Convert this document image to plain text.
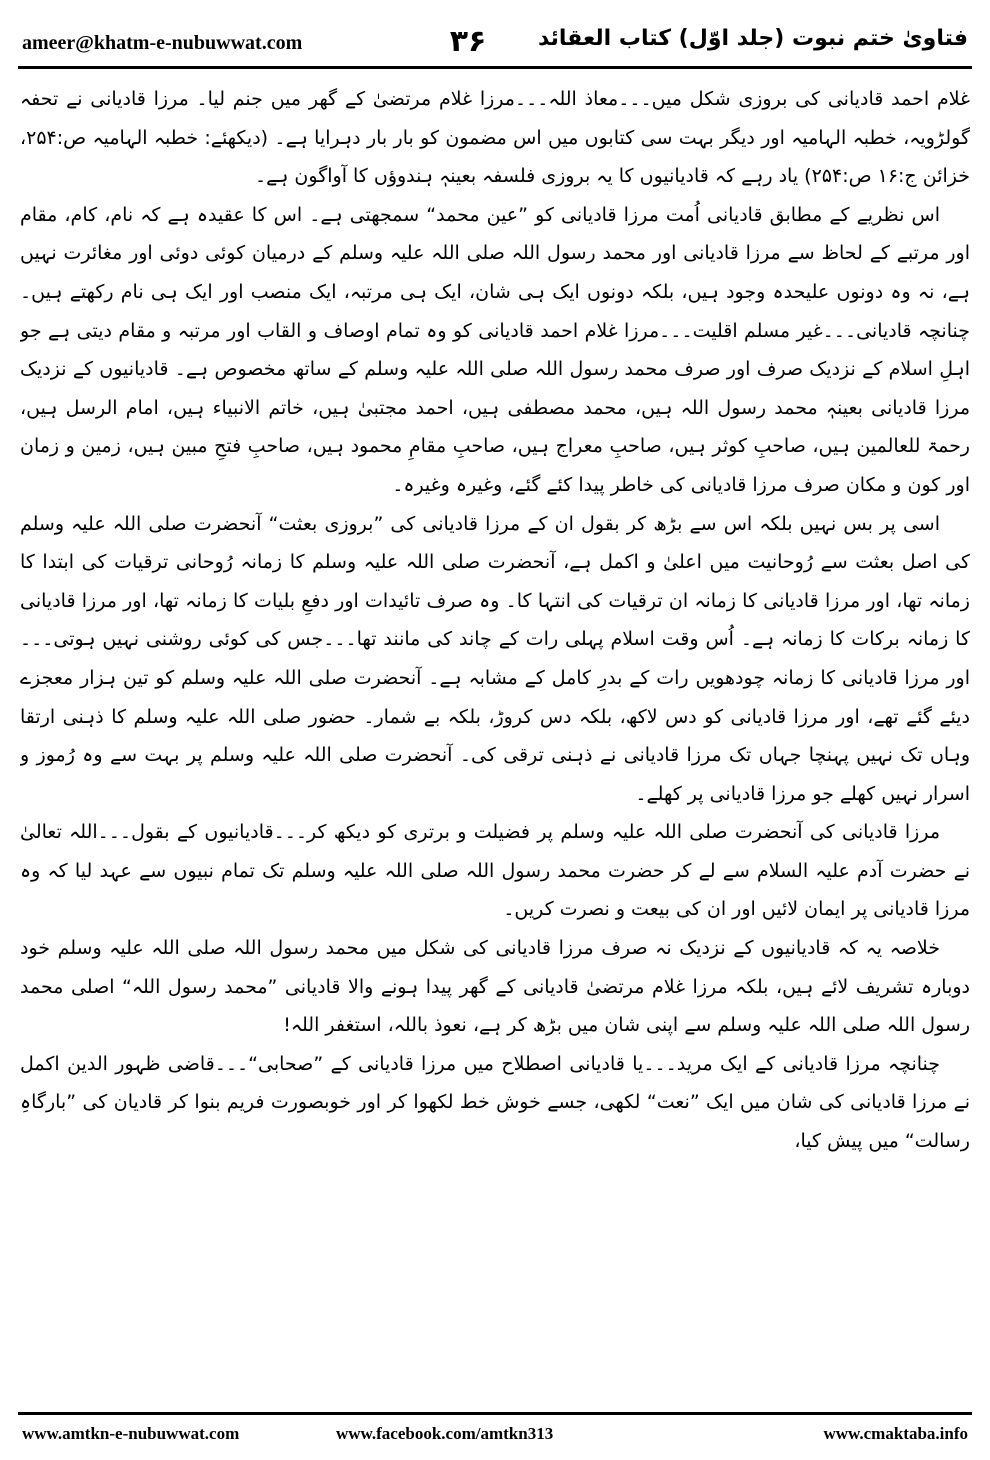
ameer@khatm-e-nubuwwat.com	۳۶	فتاویٰ ختم نبوت (جلد اوّل) کتاب العقائد

غلام احمد قادیانی کی بروزی شکل میں۔۔۔معاذ اللہ۔۔۔مرزا غلام مرتضیٰ کے گھر میں جنم لیا۔ مرزا قادیانی نے تحفہ گولڑویہ، خطبہ الہامیہ اور دیگر بہت سی کتابوں میں اس مضمون کو بار بار دہرایا ہے۔ (دیکھئے: خطبہ الہامیہ ص:۲۵۴، خزائن ج:۱۶ ص:۲۵۴) یاد رہے کہ قادیانیوں کا یہ بروزی فلسفہ بعینہٖ ہندوؤں کا آواگون ہے۔

اس نظریے کے مطابق قادیانی اُمت مرزا قادیانی کو ”عین محمد“ سمجھتی ہے۔ اس کا عقیدہ ہے کہ نام، کام، مقام اور مرتبے کے لحاظ سے مرزا قادیانی اور محمد رسول اللہ صلی اللہ علیہ وسلم کے درمیان کوئی دوئی اور مغائرت نہیں ہے، نہ وہ دونوں علیحدہ وجود ہیں، بلکہ دونوں ایک ہی شان، ایک ہی مرتبہ، ایک منصب اور ایک ہی نام رکھتے ہیں۔ چنانچہ قادیانی۔۔۔غیر مسلم اقلیت۔۔۔مرزا غلام احمد قادیانی کو وہ تمام اوصاف و القاب اور مرتبہ و مقام دیتی ہے جو اہلِ اسلام کے نزدیک صرف اور صرف محمد رسول اللہ صلی اللہ علیہ وسلم کے ساتھ مخصوص ہے۔ قادیانیوں کے نزدیک مرزا قادیانی بعینہٖ محمد رسول اللہ ہیں، محمد مصطفی ہیں، احمد مجتبیٰ ہیں، خاتم الانبیاء ہیں، امام الرسل ہیں، رحمۃ للعالمین ہیں، صاحبِ کوثر ہیں، صاحبِ معراج ہیں، صاحبِ مقامِ محمود ہیں، صاحبِ فتحِ مبین ہیں، زمین و زمان اور کون و مکان صرف مرزا قادیانی کی خاطر پیدا کئے گئے، وغیرہ وغیرہ۔

اسی پر بس نہیں بلکہ اس سے بڑھ کر بقول ان کے مرزا قادیانی کی ”بروزی بعثت“ آنحضرت صلی اللہ علیہ وسلم کی اصل بعثت سے رُوحانیت میں اعلیٰ و اکمل ہے، آنحضرت صلی اللہ علیہ وسلم کا زمانہ رُوحانی ترقیات کی ابتدا کا زمانہ تھا، اور مرزا قادیانی کا زمانہ ان ترقیات کی انتہا کا۔ وہ صرف تائیدات اور دفعِ بلیات کا زمانہ تھا، اور مرزا قادیانی کا زمانہ برکات کا زمانہ ہے۔ اُس وقت اسلام پہلی رات کے چاند کی مانند تھا۔۔۔جس کی کوئی روشنی نہیں ہوتی۔۔۔اور مرزا قادیانی کا زمانہ چودھویں رات کے بدرِ کامل کے مشابہ ہے۔ آنحضرت صلی اللہ علیہ وسلم کو تین ہزار معجزے دیئے گئے تھے، اور مرزا قادیانی کو دس لاکھ، بلکہ دس کروڑ، بلکہ بے شمار۔ حضور صلی اللہ علیہ وسلم کا ذہنی ارتقا وہاں تک نہیں پہنچا جہاں تک مرزا قادیانی نے ذہنی ترقی کی۔ آنحضرت صلی اللہ علیہ وسلم پر بہت سے وہ رُموز و اسرار نہیں کھلے جو مرزا قادیانی پر کھلے۔

مرزا قادیانی کی آنحضرت صلی اللہ علیہ وسلم پر فضیلت و برتری کو دیکھ کر۔۔۔قادیانیوں کے بقول۔۔۔اللہ تعالیٰ نے حضرت آدم علیہ السلام سے لے کر حضرت محمد رسول اللہ صلی اللہ علیہ وسلم تک تمام نبیوں سے عہد لیا کہ وہ مرزا قادیانی پر ایمان لائیں اور ان کی بیعت و نصرت کریں۔

خلاصہ یہ کہ قادیانیوں کے نزدیک نہ صرف مرزا قادیانی کی شکل میں محمد رسول اللہ صلی اللہ علیہ وسلم خود دوبارہ تشریف لائے ہیں، بلکہ مرزا غلام مرتضیٰ قادیانی کے گھر پیدا ہونے والا قادیانی ”محمد رسول اللہ“ اصلی محمد رسول اللہ صلی اللہ علیہ وسلم سے اپنی شان میں بڑھ کر ہے، نعوذ باللہ، استغفر اللہ!

چنانچہ مرزا قادیانی کے ایک مرید۔۔۔یا قادیانی اصطلاح میں مرزا قادیانی کے ”صحابی“۔۔۔قاضی ظہور الدین اکمل نے مرزا قادیانی کی شان میں ایک ”نعت“ لکھی، جسے خوش خط لکھوا کر اور خوبصورت فریم بنوا کر قادیان کی ”بارگاہِ رسالت“ میں پیش کیا،

www.amtkn-e-nubuwwat.com	www.facebook.com/amtkn313	www.cmaktaba.info
